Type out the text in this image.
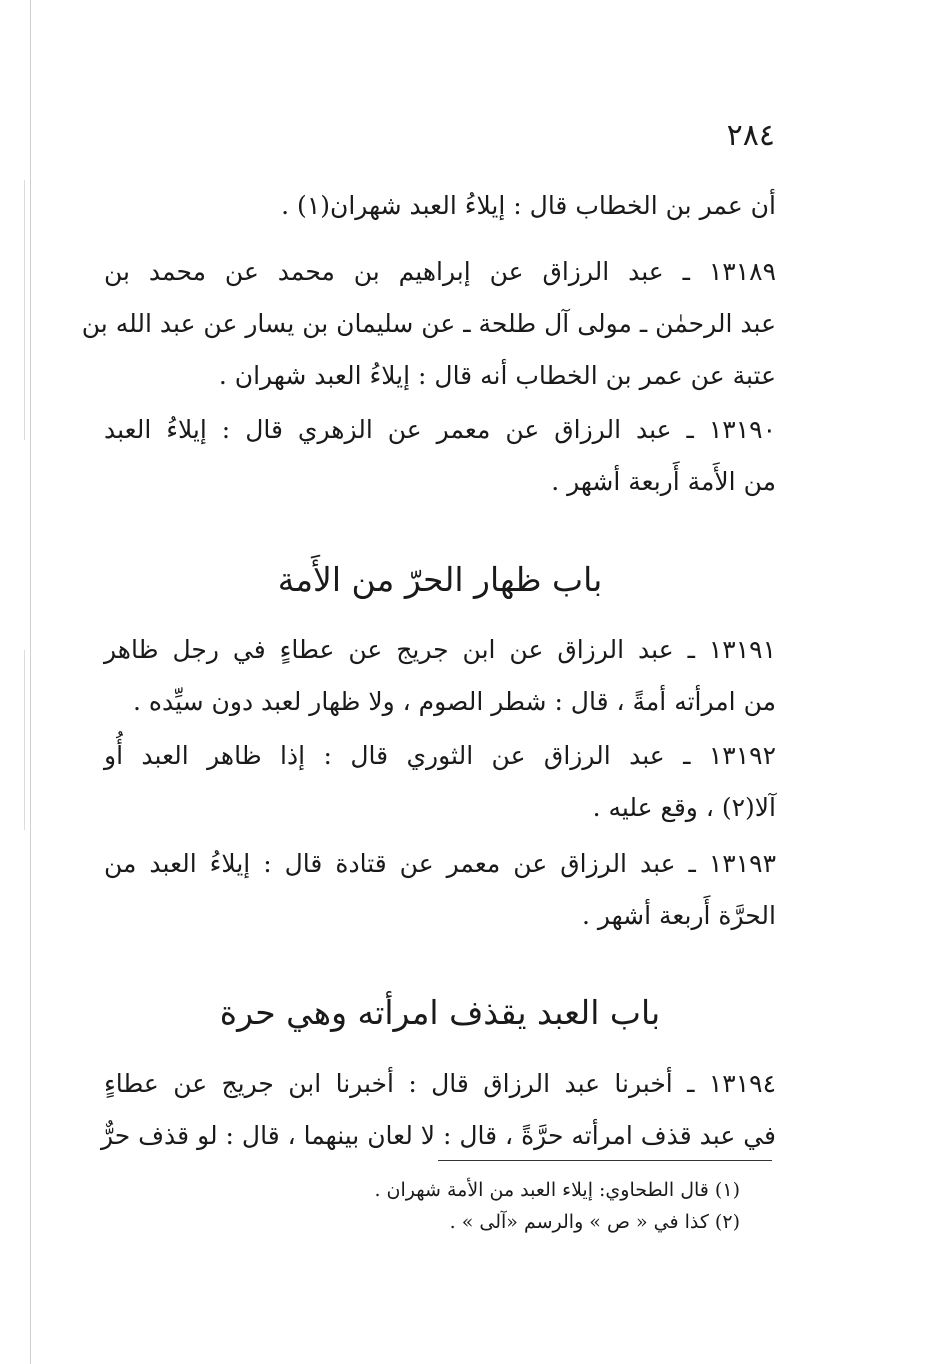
٢٨٤
أن عمر بن الخطاب قال : إيلاءُ العبد شهران(١) .
١٣١٨٩ ـ عبد الرزاق عن إبراهيم بن محمد عن محمد بن
عبد الرحمٰن ـ مولى آل طلحة ـ عن سليمان بن يسار عن عبد الله بن
عتبة عن عمر بن الخطاب أنه قال : إيلاءُ العبد شهران .
١٣١٩٠ ـ عبد الرزاق عن معمر عن الزهري قال : إيلاءُ العبد
من الأَمة أَربعة أشهر .
باب ظهار الحرّ من الأَمة
١٣١٩١ ـ عبد الرزاق عن ابن جريج عن عطاءٍ في رجل ظاهر
من امرأته أمةً ، قال : شطر الصوم ، ولا ظهار لعبد دون سيِّده .
١٣١٩٢ ـ عبد الرزاق عن الثوري قال : إذا ظاهر العبد أُو
آلا(٢) ، وقع عليه .
١٣١٩٣ ـ عبد الرزاق عن معمر عن قتادة قال : إيلاءُ العبد من
الحرَّة أَربعة أشهر .
باب العبد يقذف امرأته وهي حرة
١٣١٩٤ ـ أخبرنا عبد الرزاق قال : أخبرنا ابن جريج عن عطاءٍ
في عبد قذف امرأته حرَّةً ، قال : لا لعان بينهما ، قال : لو قذف حرٌّ
(١) قال الطحاوي: إيلاء العبد من الأمة شهران .
(٢) كذا في « ص » والرسم «آلى » .
